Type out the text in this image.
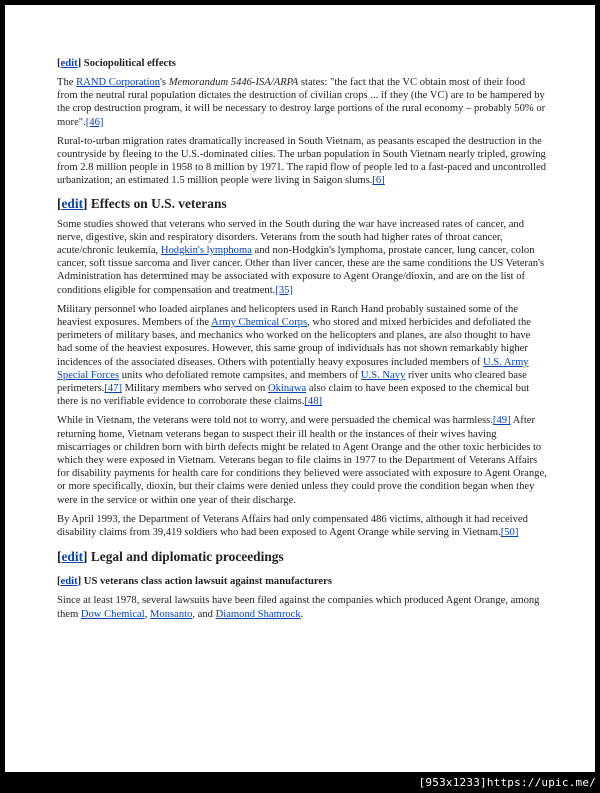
[edit] Sociopolitical effects

The RAND Corporation's Memorandum 5446-ISA/ARPA states: "the fact that the VC obtain most of their food from the neutral rural population dictates the destruction of civilian crops ... if they (the VC) are to be hampered by the crop destruction program, it will be necessary to destroy large portions of the rural economy – probably 50% or more".[46]

Rural-to-urban migration rates dramatically increased in South Vietnam, as peasants escaped the destruction in the countryside by fleeing to the U.S.-dominated cities. The urban population in South Vietnam nearly tripled, growing from 2.8 million people in 1958 to 8 million by 1971. The rapid flow of people led to a fast-paced and uncontrolled urbanization; an estimated 1.5 million people were living in Saigon slums.[6]

[edit] Effects on U.S. veterans

Some studies showed that veterans who served in the South during the war have increased rates of cancer, and nerve, digestive, skin and respiratory disorders. Veterans from the south had higher rates of throat cancer, acute/chronic leukemia, Hodgkin's lymphoma and non-Hodgkin's lymphoma, prostate cancer, lung cancer, colon cancer, soft tissue sarcoma and liver cancer. Other than liver cancer, these are the same conditions the US Veteran's Administration has determined may be associated with exposure to Agent Orange/dioxin, and are on the list of conditions eligible for compensation and treatment.[35]

Military personnel who loaded airplanes and helicopters used in Ranch Hand probably sustained some of the heaviest exposures. Members of the Army Chemical Corps, who stored and mixed herbicides and defoliated the perimeters of military bases, and mechanics who worked on the helicopters and planes, are also thought to have had some of the heaviest exposures. However, this same group of individuals has not shown remarkably higher incidences of the associated diseases. Others with potentially heavy exposures included members of U.S. Army Special Forces units who defoliated remote campsites, and members of U.S. Navy river units who cleared base perimeters.[47] Military members who served on Okinawa also claim to have been exposed to the chemical but there is no verifiable evidence to corroborate these claims.[48]

While in Vietnam, the veterans were told not to worry, and were persuaded the chemical was harmless.[49] After returning home, Vietnam veterans began to suspect their ill health or the instances of their wives having miscarriages or children born with birth defects might be related to Agent Orange and the other toxic herbicides to which they were exposed in Vietnam. Veterans began to file claims in 1977 to the Department of Veterans Affairs for disability payments for health care for conditions they believed were associated with exposure to Agent Orange, or more specifically, dioxin, but their claims were denied unless they could prove the condition began when they were in the service or within one year of their discharge.

By April 1993, the Department of Veterans Affairs had only compensated 486 victims, although it had received disability claims from 39,419 soldiers who had been exposed to Agent Orange while serving in Vietnam.[50]

[edit] Legal and diplomatic proceedings
[edit] US veterans class action lawsuit against manufacturers

Since at least 1978, several lawsuits have been filed against the companies which produced Agent Orange, among them Dow Chemical, Monsanto, and Diamond Shamrock.

[953x1233]https://upic.me/
